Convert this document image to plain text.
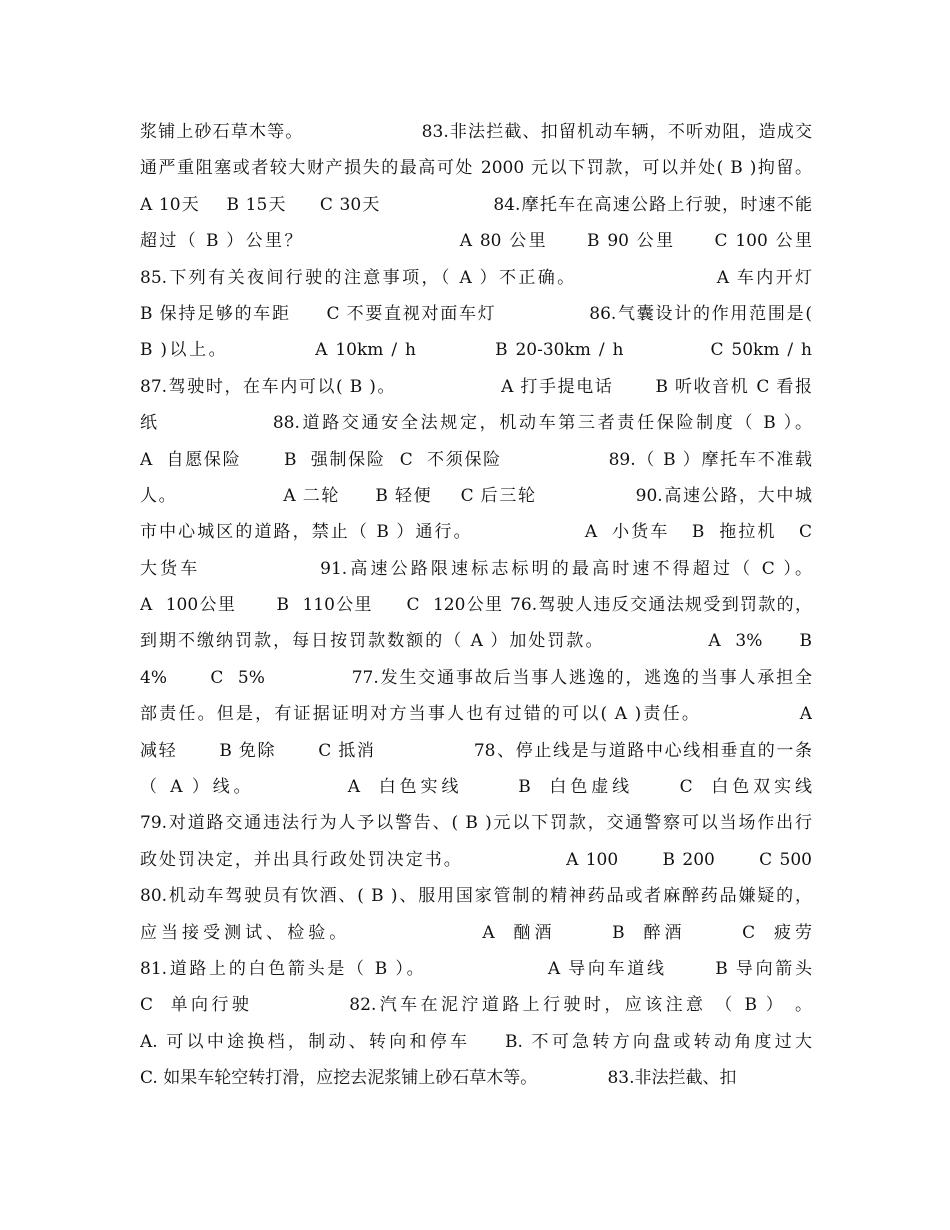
浆铺上砂石草木等。                  83.非法拦截、扣留机动车辆，不听劝阻，造成交
通严重阻塞或者较大财产损失的最高可处 2000 元以下罚款，可以并处( B )拘留。
A 10天    B 15天     C 30天                 84.摩托车在高速公路上行驶，时速不能
超过（ B ）公里？                    A 80 公里     B 90 公里     C 100 公里
85.下列有关夜间行驶的注意事项，（ A ）不正确。                  A 车内开灯
B 保持足够的车距     C 不要直视对面车灯             86.气囊设计的作用范围是(
B )以上。           A 10km / h          B 20-30km / h           C 50km / h
87.驾驶时，在车内可以( B )。               A 打手提电话      B 听收音机 C 看报
纸              88.道路交通安全法规定，机动车第三者责任保险制度（ B ）。
A  自愿保险      B  强制保险  C  不须保险               89.（ B ）摩托车不准载
人。               A 二轮     B 轻便    C 后三轮              90.高速公路，大中城
市中心城区的道路，禁止（ B ）通行。               A  小货车   B  拖拉机   C
大货车              91.高速公路限速标志标明的最高时速不得超过（ C ）。
A  100公里      B  110公里     C  120公里 76.驾驶人违反交通法规受到罚款的，
到期不缴纳罚款，每日按罚款数额的（ A ）加处罚款。              A  3%     B
4%      C  5%            77.发生交通事故后当事人逃逸的，逃逸的当事人承担全
部责任。但是，有证据证明对方当事人也有过错的可以( A )责任。             A
减轻      B 免除      C 抵消              78、停止线是与道路中心线相垂直的一条
（ A ）线。          A  白色实线      B  白色虚线     C  白色双实线
79.对道路交通违法行为人予以警告、( B )元以下罚款，交通警察可以当场作出行
政处罚决定，并出具行政处罚决定书。              A 100      B 200      C 500
80.机动车驾驶员有饮酒、( B )、服用国家管制的精神药品或者麻醉药品嫌疑的，
应当接受测试、检验。              A  酗酒      B  醉酒      C  疲劳
81.道路上的白色箭头是（ B ）。               A 导向车道线      B 导向箭头
C  单向行驶           82.汽车在泥泞道路上行驶时，应该注意 （ B ） 。
A. 可以中途换档，制动、转向和停车    B. 不可急转方向盘或转动角度过大
C. 如果车轮空转打滑，应挖去泥浆铺上砂石草木等。             83.非法拦截、扣
